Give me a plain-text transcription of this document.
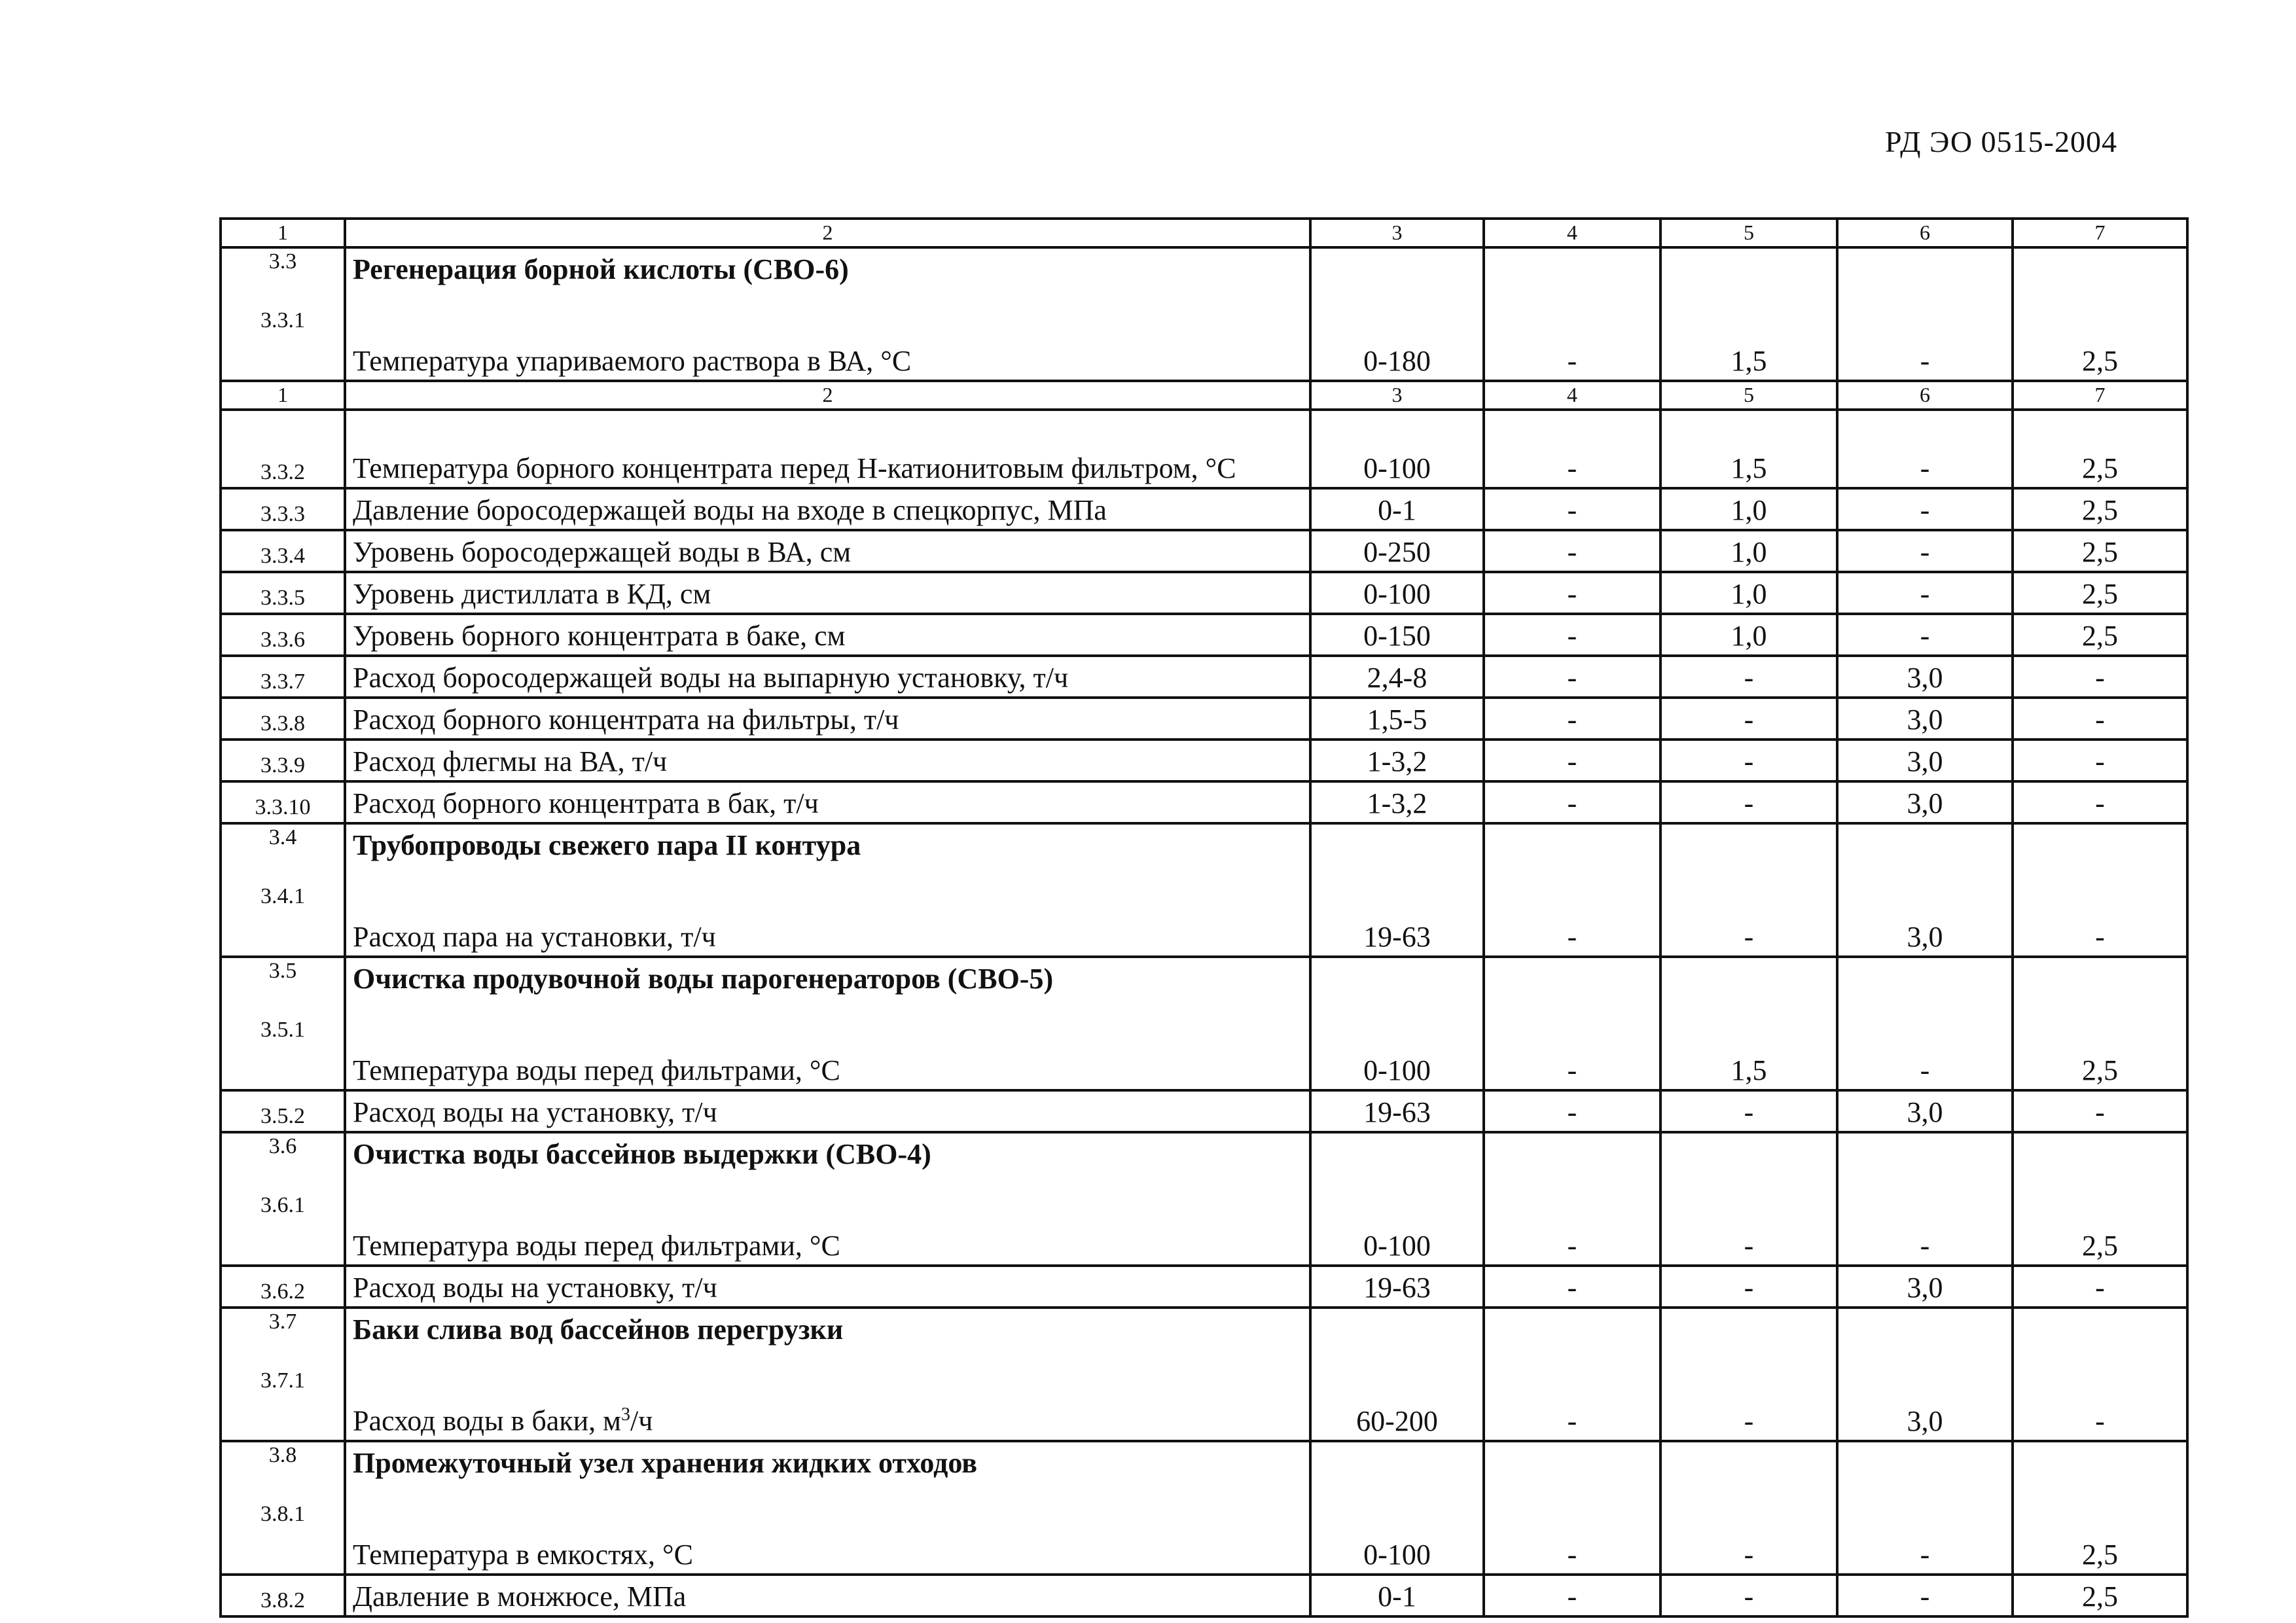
РД ЭО 0515-2004
1	2	3	4	5	6	7
3.3	Регенерация борной кислоты (СВО-6)					

3.3.1	Температура упариваемого раствора в ВА, °С	0-180	-	1,5	-	2,5
1	2	3	4	5	6	7
3.3.2	Температура борного концентрата перед Н-катионитовым фильтром, °С	0-100	-	1,5	-	2,5
3.3.3	Давление боросодержащей воды на входе в спецкорпус, МПа	0-1	-	1,0	-	2,5
3.3.4	Уровень боросодержащей воды в ВА, см	0-250	-	1,0	-	2,5
3.3.5	Уровень дистиллата в КД, см	0-100	-	1,0	-	2,5
3.3.6	Уровень борного концентрата в баке, см	0-150	-	1,0	-	2,5
3.3.7	Расход боросодержащей воды на выпарную установку, т/ч	2,4-8	-	-	3,0	-
3.3.8	Расход борного концентрата на фильтры, т/ч	1,5-5	-	-	3,0	-
3.3.9	Расход флегмы на ВА, т/ч	1-3,2	-	-	3,0	-
3.3.10	Расход борного концентрата в бак, т/ч	1-3,2	-	-	3,0	-
3.4	Трубопроводы свежего пара II контура					

3.4.1	Расход пара на установки, т/ч	19-63	-	-	3,0	-
3.5	Очистка продувочной воды парогенераторов (СВО-5)					

3.5.1	Температура воды перед фильтрами, °С	0-100	-	1,5	-	2,5
3.5.2	Расход воды на установку, т/ч	19-63	-	-	3,0	-
3.6	Очистка воды бассейнов выдержки (СВО-4)					

3.6.1	Температура воды перед фильтрами, °С	0-100	-	-	-	2,5
3.6.2	Расход воды на установку, т/ч	19-63	-	-	3,0	-
3.7	Баки слива вод бассейнов перегрузки					

3.7.1	Расход воды в баки, $м^3/ч$	60-200	-	-	3,0	-
3.8	Промежуточный узел хранения жидких отходов					

3.8.1	Температура в емкостях, °С	0-100	-	-	-	2,5
3.8.2	Давление в монжюсе, МПа	0-1	-	-	-	2,5
